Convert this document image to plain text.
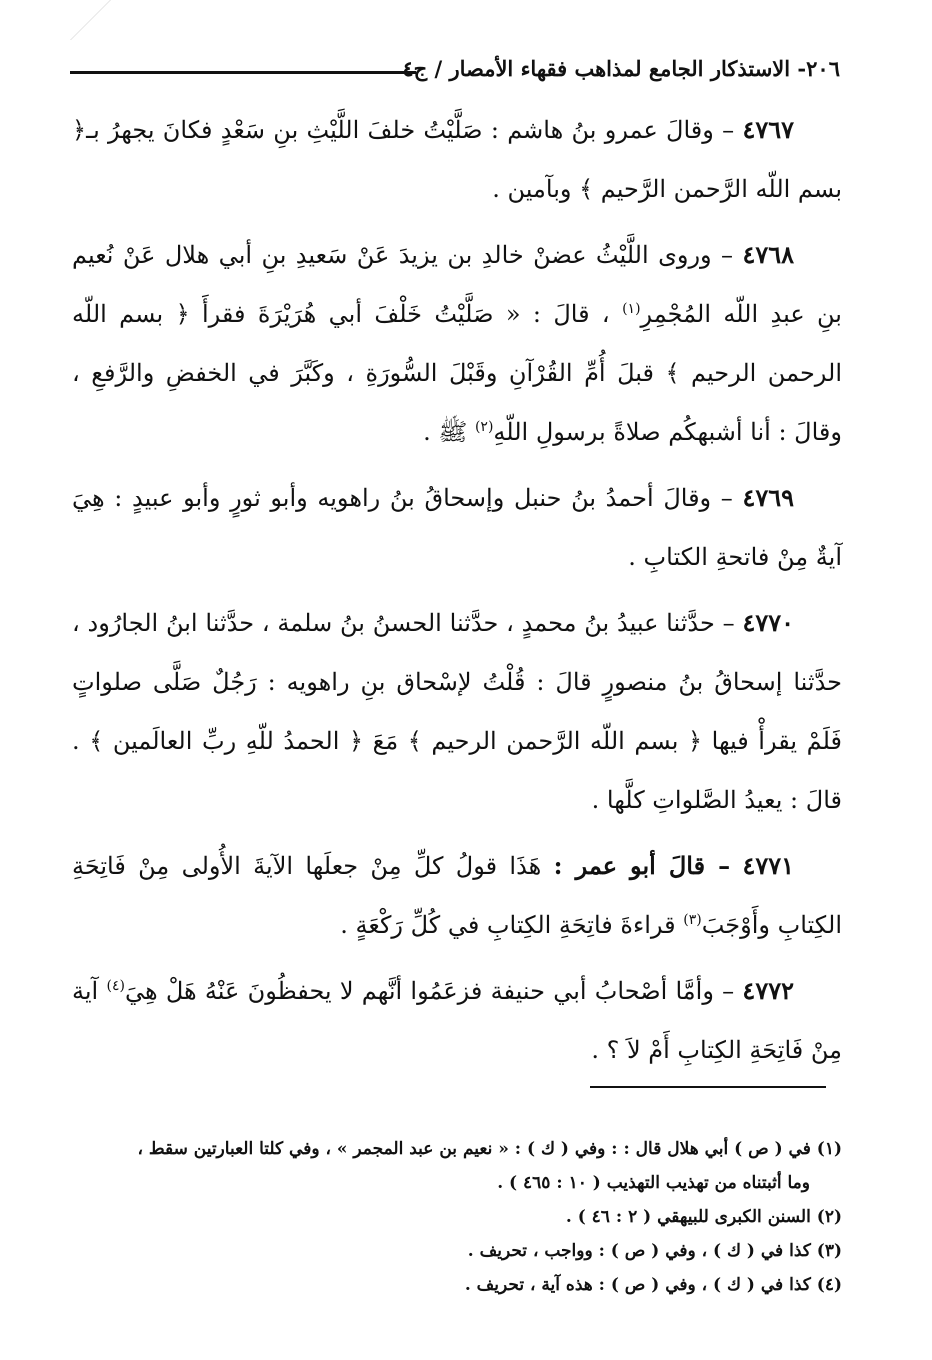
٢٠٦- الاستذكار الجامع لمذاهب فقهاء الأمصار / ج٤

٤٧٦٧ – وقالَ عمرو بنُ هاشم : صَلَّيْتُ خلفَ اللَّيْثِ بنِ سَعْدٍ فكانَ يجهرُ بـ﴿ بسم اللّه الرَّحمن الرَّحيم ﴾ وبآمين .

٤٧٦٨ – وروى اللَّيْثُ عضنْ خالدِ بن يزيدَ عَنْ سَعيدِ بنِ أبي هلال عَنْ نُعيم بنِ عبدِ اللّه المُجْمِرِ$^{(١)}$ ، قالَ : « صَلَّيْتُ خَلْفَ أبي هُرَيْرَةَ فقرأَ ﴿ بسم اللّه الرحمن الرحيم ﴾ قبلَ أُمِّ القُرْآنِ وقَبْلَ السُّورَةِ ، وكَبَّرَ في الخفضِ والرَّفعِ ، وقالَ : أنا أشبهكُم صلاةً برسولِ اللّهِ$^{(٢)}$ ﷺ .

٤٧٦٩ – وقالَ أحمدُ بنُ حنبل وإسحاقُ بنُ راهويه وأبو ثورٍ وأبو عبيدٍ : هِيَ آيةٌ مِنْ فاتحةِ الكتابِ .

٤٧٧٠ – حدَّثنا عبيدُ بنُ محمدٍ ، حدَّثنا الحسنُ بنُ سلمة ، حدَّثنا ابنُ الجارُود ، حدَّثنا إسحاقُ بنُ منصورٍ قالَ : قُلْتُ لإسْحاق بنِ راهويه : رَجُلٌ صَلَّى صلواتٍ فَلَمْ يقرأْ فيها ﴿ بسم اللّه الرَّحمن الرحيم ﴾ مَعَ ﴿ الحمدُ للّهِ ربِّ العالَمين ﴾ . قالَ : يعيدُ الصَّلواتِ كلَّها .

٤٧٧١ – قالَ أبو عمر : هَذَا قولُ كلِّ مِنْ جعلَها الآيةَ الأُولى مِنْ فَاتِحَةِ الكِتابِ وأَوْجَبَ$^{(٣)}$ قراءةَ فاتِحَةِ الكِتابِ في كُلِّ رَكْعَةٍ .

٤٧٧٢ – وأمَّا أصْحابُ أبي حنيفة فزعَمُوا أنَّهم لا يحفظُونَ عَنْهُ هَلْ هِيَ$^{(٤)}$ آية مِنْ فَاتِحَةِ الكِتابِ أَمْ لاَ ؟ .

(١) في ( ص ) أبي هلال قال : : وفي ( ك ) : « نعيم بن عبد المجمر » ، وفي كلتا العبارتين سقط ،

وما أثبتناه من تهذيب التهذيب ( ١٠ : ٤٦٥ ) .

(٢) السنن الكبرى للبيهقي ( ٢ : ٤٦ ) .

(٣) كذا في ( ك ) ، وفي ( ص ) : وواجب ، تحريف .

(٤) كذا في ( ك ) ، وفي ( ص ) : هذه آية ، تحريف .
